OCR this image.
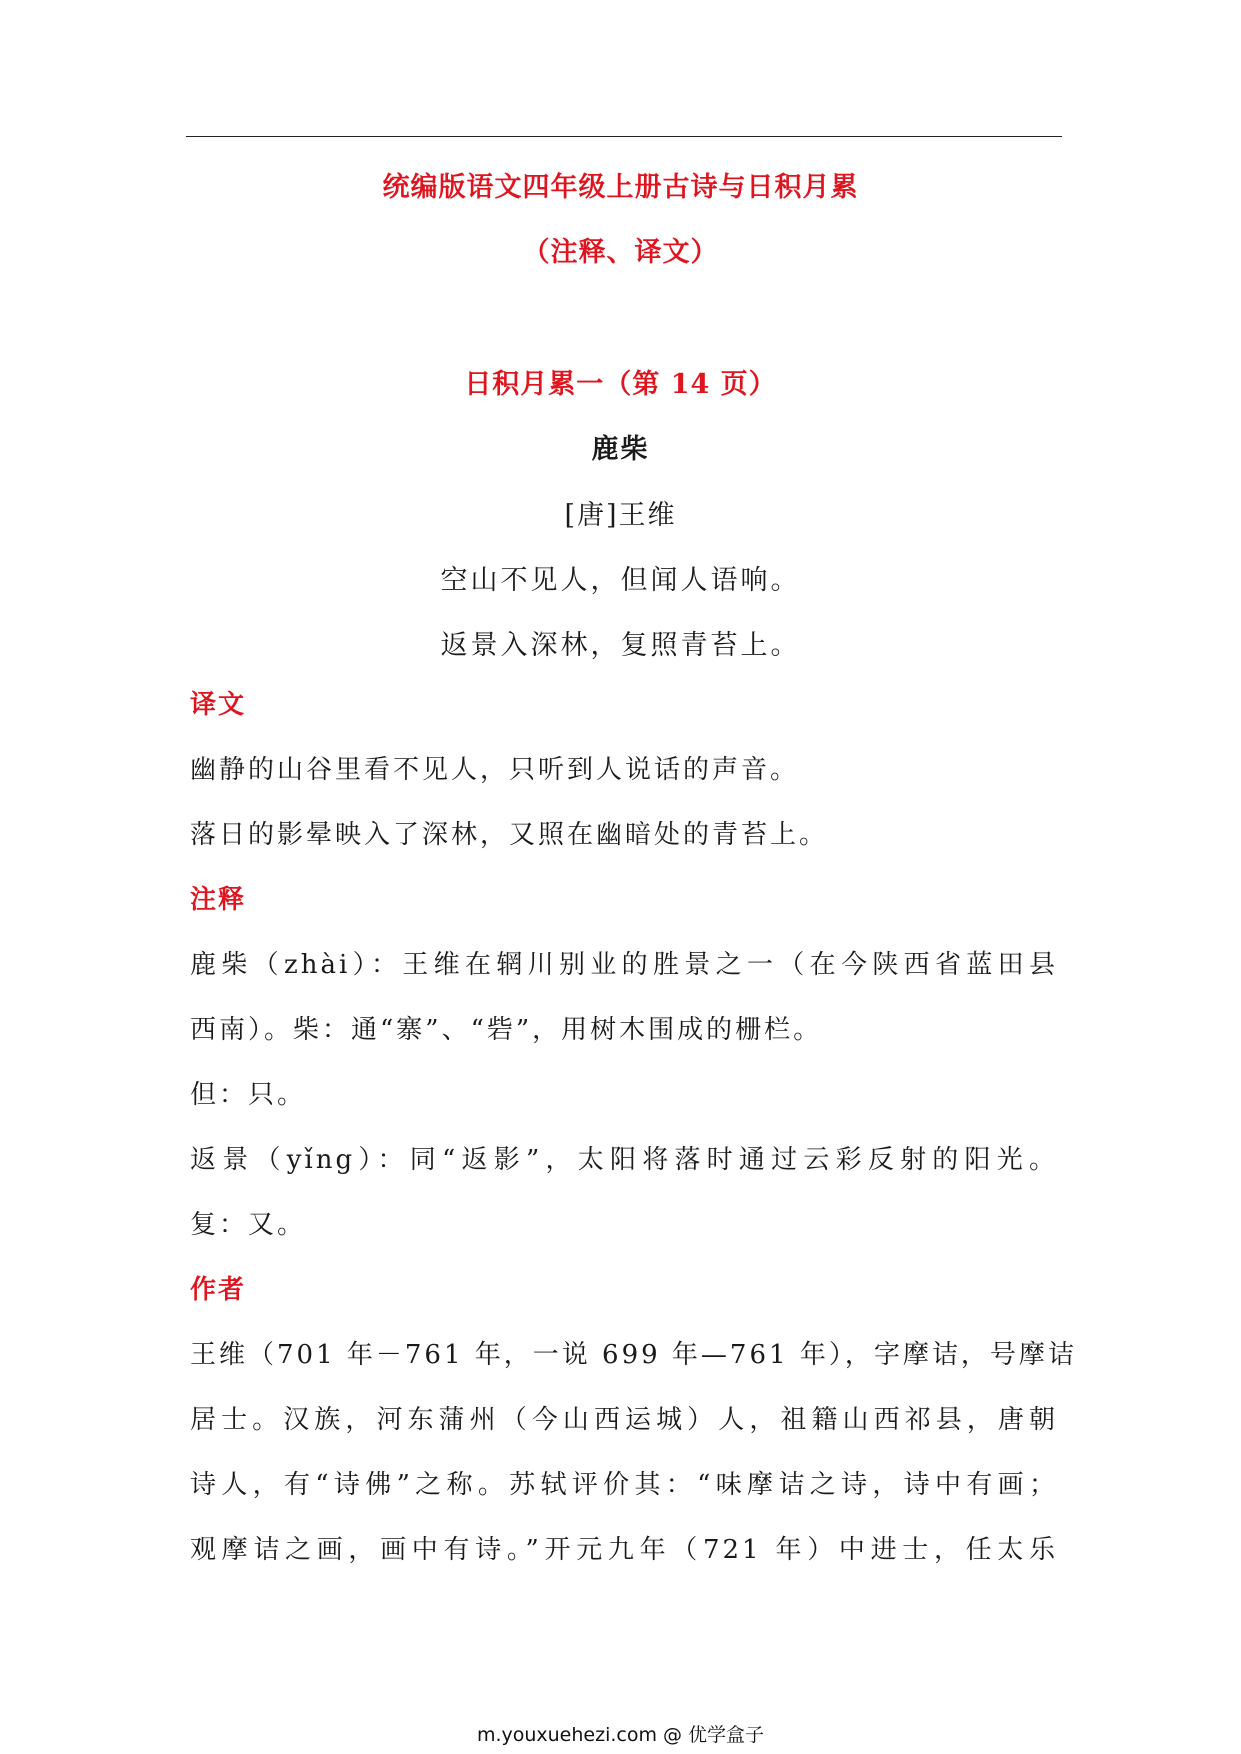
统编版语文四年级上册古诗与日积月累
（注释、译文）
日积月累一（第 14 页）
鹿柴
[唐]王维
空山不见人，但闻人语响。
返景入深林，复照青苔上。
译文
幽静的山谷里看不见人，只听到人说话的声音。
落日的影晕映入了深林，又照在幽暗处的青苔上。
注释
鹿柴（zhài）：王维在辋川别业的胜景之一（在今陕西省蓝田县
西南）。柴：通“寨”、“砦”，用树木围成的栅栏。
但：只。
返景（yǐng）：同“返影”，太阳将落时通过云彩反射的阳光。
复：又。
作者
王维（701 年－761 年，一说 699 年—761 年），字摩诘，号摩诘
居士。汉族，河东蒲州（今山西运城）人，祖籍山西祁县，唐朝
诗人，有“诗佛”之称。苏轼评价其：“味摩诘之诗，诗中有画；
观摩诘之画，画中有诗。”开元九年（721 年）中进士，任太乐
m.youxuehezi.com @ 优学盒子
